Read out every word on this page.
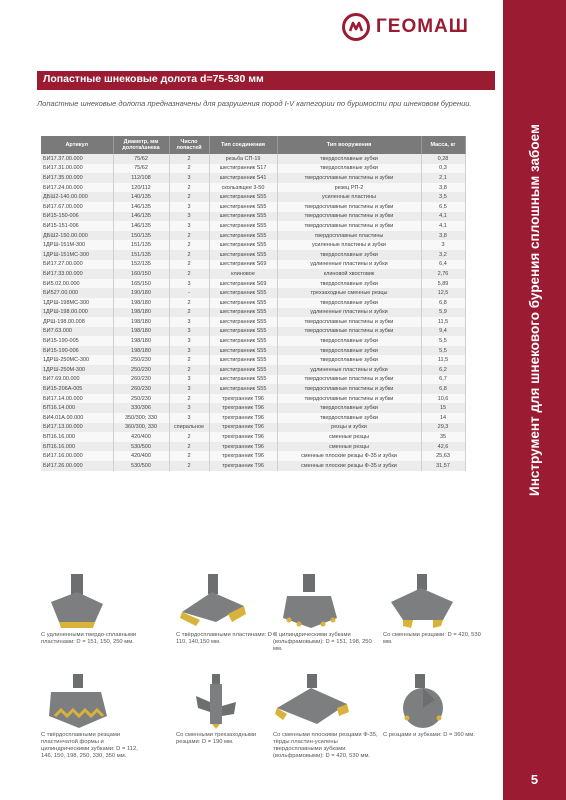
Инструмент для шнекового бурения сплошным забоем
5
ГЕОМАШ
Лопастные шнековые долота d=75-530 мм
Лопастные шнековые долота предназначены для разрушения пород I-V категории по буримости при шнековом бурении.
Артикул	Диаметр, мм долота/шнека	Число лопастей	Тип соединения	Тип вооружения	Масса, кг
БИ17.37.00.000	75/62	2	резьба СП-19	твердосплавные зубки	0,28
БИ17.31.00.000	75/62	2	шестигранник S17	твердосплавные зубки	0,3
БИ17.35.00.000	112/108	3	шестигранник S41	твердосплавные пластины и зубки	2,1
БИ17.24.00.000	120/112	2	скользящее 3-50	резец РП-2	3,8
ДБШ2-140.00.000	140/135	2	шестигранник S55	усиленные пластины	3,5
БИ17.67.00.000	146/135	3	шестигранник S55	твердосплавные пластины и зубки	6,5
БИ15-150-006	146/135	3	шестигранник S55	твердосплавные пластины и зубки	4,1
БИ15-151-006	146/135	3	шестигранник S55	твердосплавные пластины и зубки	4,1
ДБШ2-150.00.000	150/135	2	шестигранник S55	твердосплавные пластины	3,8
1ДРШ-151М-300	151/135	2	шестигранник S55	усиленные пластины и зубки	3
1ДРШ-151МС-300	151/135	2	шестигранник S55	твердосплавные зубки	3,2
БИ17.27.00.000	152/135	2	шестигранник S69	удлиненные пластины и зубки	6,4
БИ17.33.00.000	160/150	2	клиновое	клиновой хвостовик	2,76
БИ5.02.00.000	165/150	3	шестигранник S69	твердосплавные зубки	5,89
БИ527.00.000	190/180	-	шестигранник S55	трехзаходные сменные резцы	12,5
1ДРШ-198МС-300	198/180	2	шестигранник S55	твердосплавные зубки	6,8
1ДРШ-198.00.000	198/180	2	шестигранник S55	удлиненные пластины и зубки	5,9
ДРШ-198.00.008	198/180	3	шестигранник S55	твердосплавные пластины и зубки	11,5
БИ7.63.000	198/180	3	шестигранник S55	твердосплавные пластины и зубки	9,4
БИ15-190-005	198/180	3	шестигранник S55	твердосплавные зубки	5,5
БИ15-190-006	198/180	3	шестигранник S55	твердосплавные зубки	5,5
1ДРШ-250МС-300	250/230	2	шестигранник S55	твердосплавные зубки	11,5
1ДРШ-250М-300	250/230	2	шестигранник S55	удлиненные пластины и зубки	6,2
БИ7.69.00.000	260/230	3	шестигранник S55	твердосплавные пластины и зубки	6,7
БИ15-206А-005	260/230	3	шестигранник S55	твердосплавные пластины и зубки	6,8
БИ17.14.00.000	250/230	2	трехгранник T96	твердосплавные пластины и зубки	10,6
БП16.14.000	330/306	3	трехгранник T96	твердосплавные зубки	15
БИ4.01А.00.000	350/300; 330	3	трехгранник T96	твердосплавные зубки	14
БИ17.13.00.000	360/300, 330	спиральное	трехгранник T96	резцы и зубки	29,3
БП16.16.000	420/400	2	трехгранник T96	сменные резцы	35
БП16.16.000	530/500	2	трехгранник T96	сменные резцы	42,6
БИ17.16.00.000	420/400	2	трехгранник T96	сменные плоские резцы Ф-35 и зубки	25,63
БИ17.26.00.000	530/500	2	трехгранник T96	сменные плоские резцы Ф-35 и зубки	31,57
С удлиненными твердо-сплавными пластинами: D = 151, 150, 250 мм.
С твёрдосплавными пластинами: D = 110, 140,150 мм.
С цилиндрическими зубками (вольфрамовыми): D = 151, 198, 250 мм.
Со сменными резцами: D = 420, 530 мм.
С твёрдосплавными резцами пластинчатой формы и цилиндрическими зубками: D = 112, 146, 150, 198, 250, 330, 350 мм.
Со сменными трехзаходными резцами: D = 190 мм.
Со сменными плоскими резцами Ф-35, тёрды пластин-усилены твердосплавными зубками (вольфрамовыми): D = 420, 530 мм.
С резцами и зубками: D = 360 мм.
